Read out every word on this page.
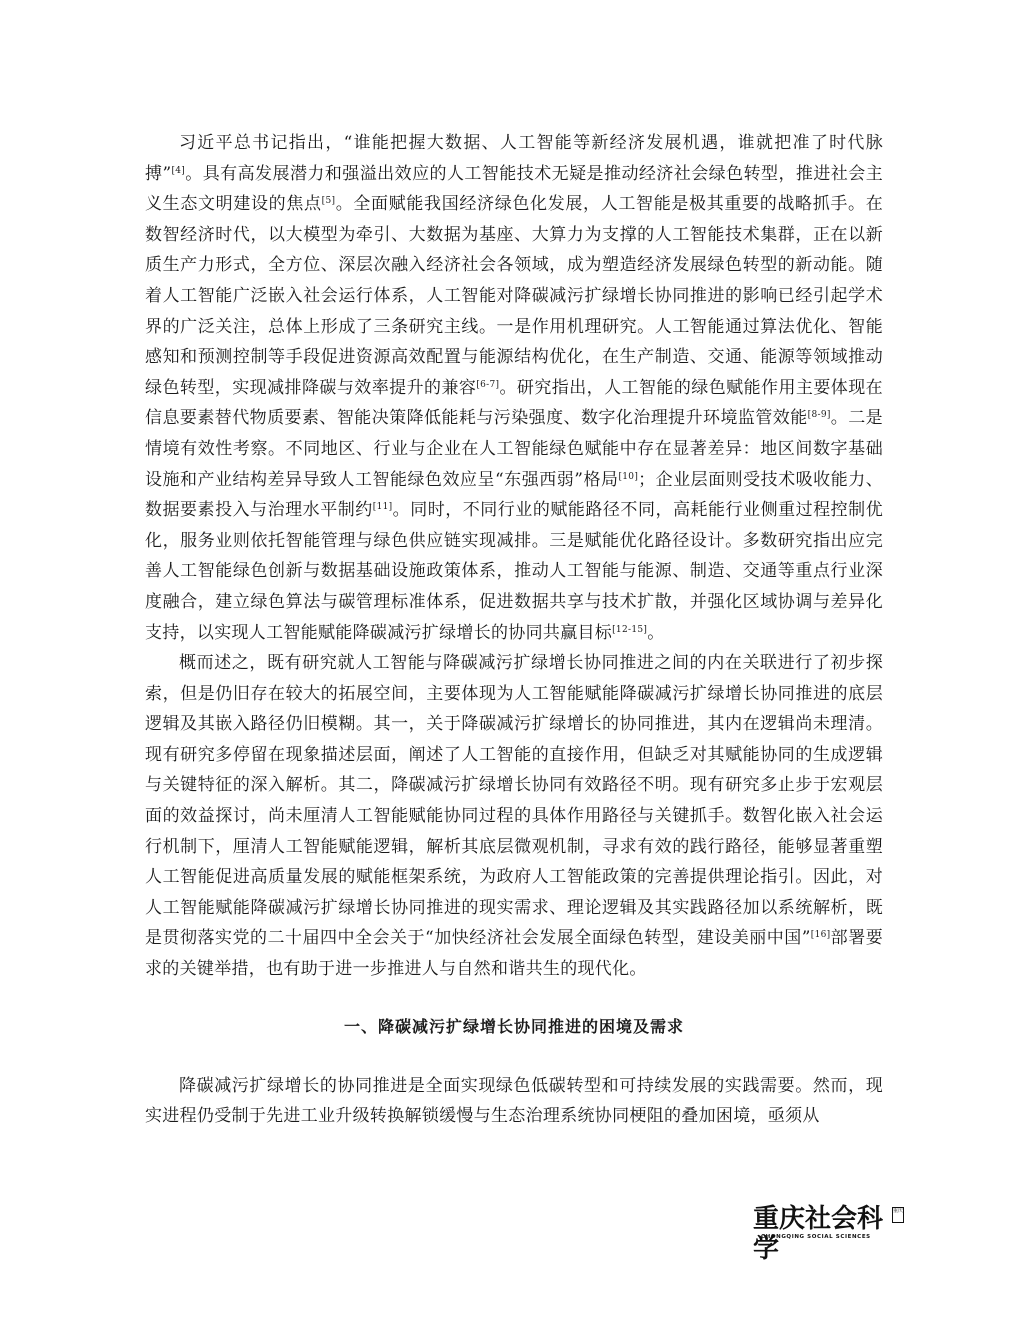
习近平总书记指出，“谁能把握大数据、人工智能等新经济发展机遇，谁就把准了时代脉搏”[4]。具有高发展潜力和强溢出效应的人工智能技术无疑是推动经济社会绿色转型，推进社会主义生态文明建设的焦点[5]。全面赋能我国经济绿色化发展，人工智能是极其重要的战略抓手。在数智经济时代，以大模型为牵引、大数据为基座、大算力为支撑的人工智能技术集群，正在以新质生产力形式，全方位、深层次融入经济社会各领域，成为塑造经济发展绿色转型的新动能。随着人工智能广泛嵌入社会运行体系，人工智能对降碳减污扩绿增长协同推进的影响已经引起学术界的广泛关注，总体上形成了三条研究主线。一是作用机理研究。人工智能通过算法优化、智能感知和预测控制等手段促进资源高效配置与能源结构优化，在生产制造、交通、能源等领域推动绿色转型，实现减排降碳与效率提升的兼容[6-7]。研究指出，人工智能的绿色赋能作用主要体现在信息要素替代物质要素、智能决策降低能耗与污染强度、数字化治理提升环境监管效能[8-9]。二是情境有效性考察。不同地区、行业与企业在人工智能绿色赋能中存在显著差异：地区间数字基础设施和产业结构差异导致人工智能绿色效应呈“东强西弱”格局[10]；企业层面则受技术吸收能力、数据要素投入与治理水平制约[11]。同时，不同行业的赋能路径不同，高耗能行业侧重过程控制优化，服务业则依托智能管理与绿色供应链实现减排。三是赋能优化路径设计。多数研究指出应完善人工智能绿色创新与数据基础设施政策体系，推动人工智能与能源、制造、交通等重点行业深度融合，建立绿色算法与碳管理标准体系，促进数据共享与技术扩散，并强化区域协调与差异化支持，以实现人工智能赋能降碳减污扩绿增长的协同共赢目标[12-15]。

概而述之，既有研究就人工智能与降碳减污扩绿增长协同推进之间的内在关联进行了初步探索，但是仍旧存在较大的拓展空间，主要体现为人工智能赋能降碳减污扩绿增长协同推进的底层逻辑及其嵌入路径仍旧模糊。其一，关于降碳减污扩绿增长的协同推进，其内在逻辑尚未理清。现有研究多停留在现象描述层面，阐述了人工智能的直接作用，但缺乏对其赋能协同的生成逻辑与关键特征的深入解析。其二，降碳减污扩绿增长协同有效路径不明。现有研究多止步于宏观层面的效益探讨，尚未厘清人工智能赋能协同过程的具体作用路径与关键抓手。数智化嵌入社会运行机制下，厘清人工智能赋能逻辑，解析其底层微观机制，寻求有效的践行路径，能够显著重塑人工智能促进高质量发展的赋能框架系统，为政府人工智能政策的完善提供理论指引。因此，对人工智能赋能降碳减污扩绿增长协同推进的现实需求、理论逻辑及其实践路径加以系统解析，既是贯彻落实党的二十届四中全会关于“加快经济社会发展全面绿色转型，建设美丽中国”[16]部署要求的关键举措，也有助于进一步推进人与自然和谐共生的现代化。

一、降碳减污扩绿增长协同推进的困境及需求

降碳减污扩绿增长的协同推进是全面实现绿色低碳转型和可持续发展的实践需要。然而，现实进程仍受制于先进工业升级转换解锁缓慢与生态治理系统协同梗阻的叠加困境，亟须从

重庆社会科学
CHONGQING SOCIAL SCIENCES
重庆
